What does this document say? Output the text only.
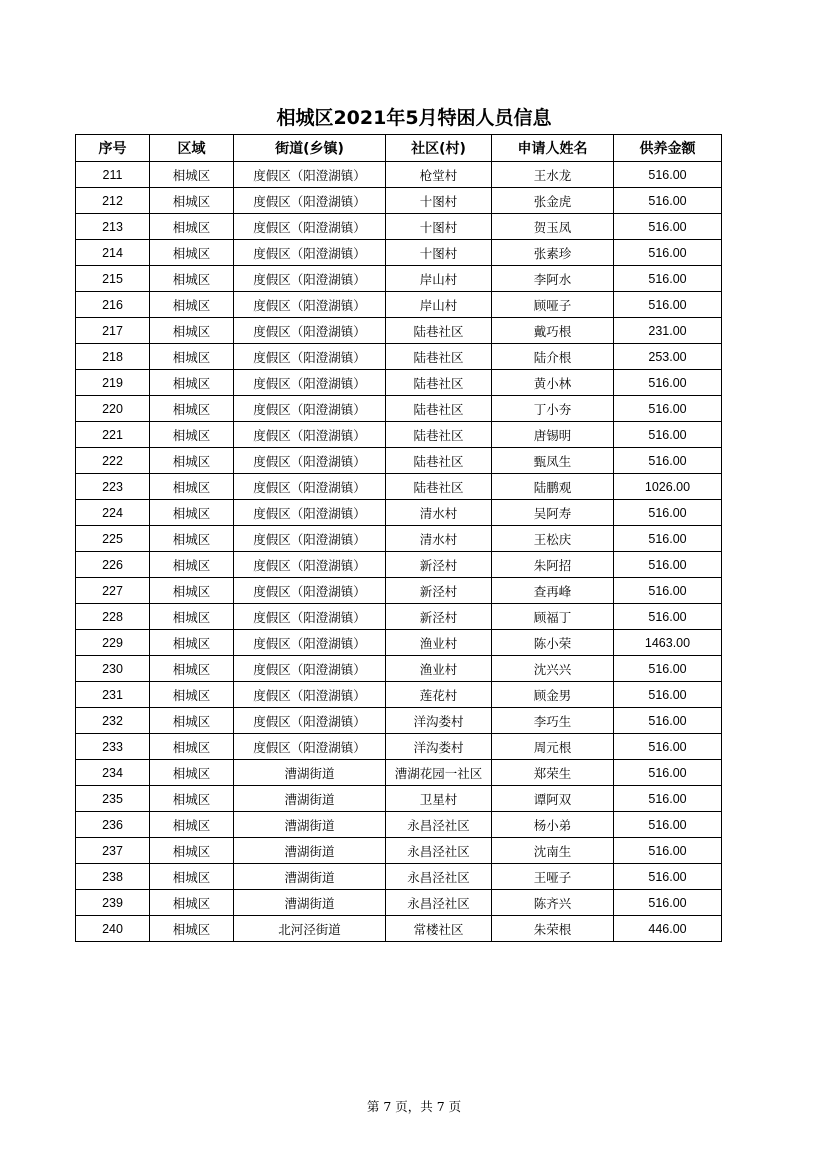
相城区2021年5月特困人员信息
序号	区域	街道(乡镇)	社区(村)	申请人姓名	供养金额
211	相城区	度假区（阳澄湖镇）	枪堂村	王水龙	516.00
212	相城区	度假区（阳澄湖镇）	十图村	张金虎	516.00
213	相城区	度假区（阳澄湖镇）	十图村	贺玉凤	516.00
214	相城区	度假区（阳澄湖镇）	十图村	张素珍	516.00
215	相城区	度假区（阳澄湖镇）	岸山村	李阿水	516.00
216	相城区	度假区（阳澄湖镇）	岸山村	顾哑子	516.00
217	相城区	度假区（阳澄湖镇）	陆巷社区	戴巧根	231.00
218	相城区	度假区（阳澄湖镇）	陆巷社区	陆介根	253.00
219	相城区	度假区（阳澄湖镇）	陆巷社区	黄小林	516.00
220	相城区	度假区（阳澄湖镇）	陆巷社区	丁小夯	516.00
221	相城区	度假区（阳澄湖镇）	陆巷社区	唐锡明	516.00
222	相城区	度假区（阳澄湖镇）	陆巷社区	甄凤生	516.00
223	相城区	度假区（阳澄湖镇）	陆巷社区	陆鹏观	1026.00
224	相城区	度假区（阳澄湖镇）	清水村	吴阿寿	516.00
225	相城区	度假区（阳澄湖镇）	清水村	王松庆	516.00
226	相城区	度假区（阳澄湖镇）	新泾村	朱阿招	516.00
227	相城区	度假区（阳澄湖镇）	新泾村	查再峰	516.00
228	相城区	度假区（阳澄湖镇）	新泾村	顾福丁	516.00
229	相城区	度假区（阳澄湖镇）	渔业村	陈小荣	1463.00
230	相城区	度假区（阳澄湖镇）	渔业村	沈兴兴	516.00
231	相城区	度假区（阳澄湖镇）	莲花村	顾金男	516.00
232	相城区	度假区（阳澄湖镇）	洋沟娄村	李巧生	516.00
233	相城区	度假区（阳澄湖镇）	洋沟娄村	周元根	516.00
234	相城区	漕湖街道	漕湖花园一社区	郑荣生	516.00
235	相城区	漕湖街道	卫星村	谭阿双	516.00
236	相城区	漕湖街道	永昌泾社区	杨小弟	516.00
237	相城区	漕湖街道	永昌泾社区	沈南生	516.00
238	相城区	漕湖街道	永昌泾社区	王哑子	516.00
239	相城区	漕湖街道	永昌泾社区	陈齐兴	516.00
240	相城区	北河泾街道	常楼社区	朱荣根	446.00
第 7 页，共 7 页
